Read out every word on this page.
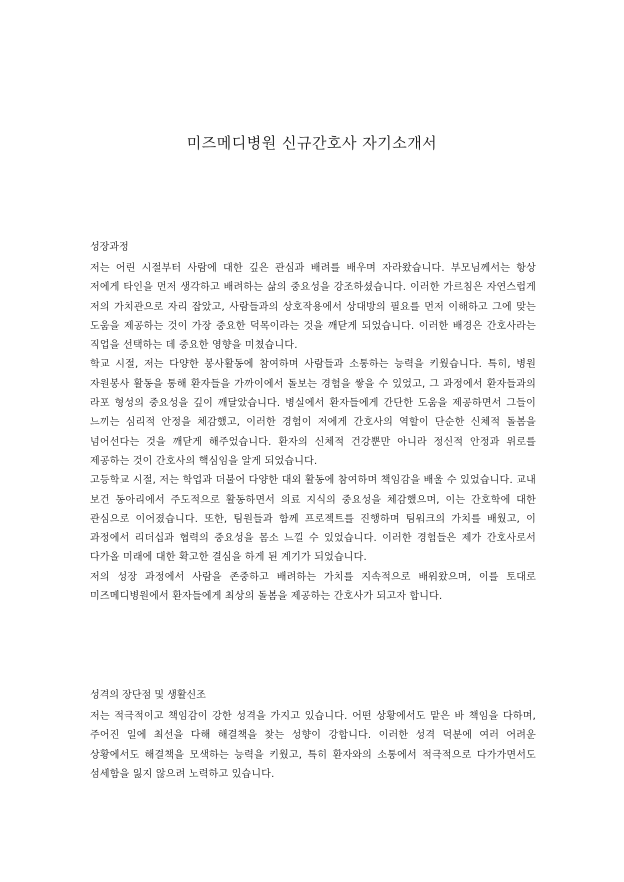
미즈메디병원 신규간호사 자기소개서
성장과정

저는 어린 시절부터 사람에 대한 깊은 관심과 배려를 배우며 자라왔습니다. 부모님께서는 항상 저에게 타인을 먼저 생각하고 배려하는 삶의 중요성을 강조하셨습니다. 이러한 가르침은 자연스럽게 저의 가치관으로 자리 잡았고, 사람들과의 상호작용에서 상대방의 필요를 먼저 이해하고 그에 맞는 도움을 제공하는 것이 가장 중요한 덕목이라는 것을 깨닫게 되었습니다. 이러한 배경은 간호사라는 직업을 선택하는 데 중요한 영향을 미쳤습니다.

학교 시절, 저는 다양한 봉사활동에 참여하며 사람들과 소통하는 능력을 키웠습니다. 특히, 병원 자원봉사 활동을 통해 환자들을 가까이에서 돌보는 경험을 쌓을 수 있었고, 그 과정에서 환자들과의 라포 형성의 중요성을 깊이 깨달았습니다. 병실에서 환자들에게 간단한 도움을 제공하면서 그들이 느끼는 심리적 안정을 체감했고, 이러한 경험이 저에게 간호사의 역할이 단순한 신체적 돌봄을 넘어선다는 것을 깨닫게 해주었습니다. 환자의 신체적 건강뿐만 아니라 정신적 안정과 위로를 제공하는 것이 간호사의 핵심임을 알게 되었습니다.

고등학교 시절, 저는 학업과 더불어 다양한 대외 활동에 참여하며 책임감을 배울 수 있었습니다. 교내 보건 동아리에서 주도적으로 활동하면서 의료 지식의 중요성을 체감했으며, 이는 간호학에 대한 관심으로 이어졌습니다. 또한, 팀원들과 함께 프로젝트를 진행하며 팀워크의 가치를 배웠고, 이 과정에서 리더십과 협력의 중요성을 몸소 느낄 수 있었습니다. 이러한 경험들은 제가 간호사로서 다가올 미래에 대한 확고한 결심을 하게 된 계기가 되었습니다.

저의 성장 과정에서 사람을 존중하고 배려하는 가치를 지속적으로 배워왔으며, 이를 토대로 미즈메디병원에서 환자들에게 최상의 돌봄을 제공하는 간호사가 되고자 합니다.

성격의 장단점 및 생활신조

저는 적극적이고 책임감이 강한 성격을 가지고 있습니다. 어떤 상황에서도 맡은 바 책임을 다하며, 주어진 일에 최선을 다해 해결책을 찾는 성향이 강합니다. 이러한 성격 덕분에 여러 어려운 상황에서도 해결책을 모색하는 능력을 키웠고, 특히 환자와의 소통에서 적극적으로 다가가면서도 섬세함을 잃지 않으려 노력하고 있습니다.
